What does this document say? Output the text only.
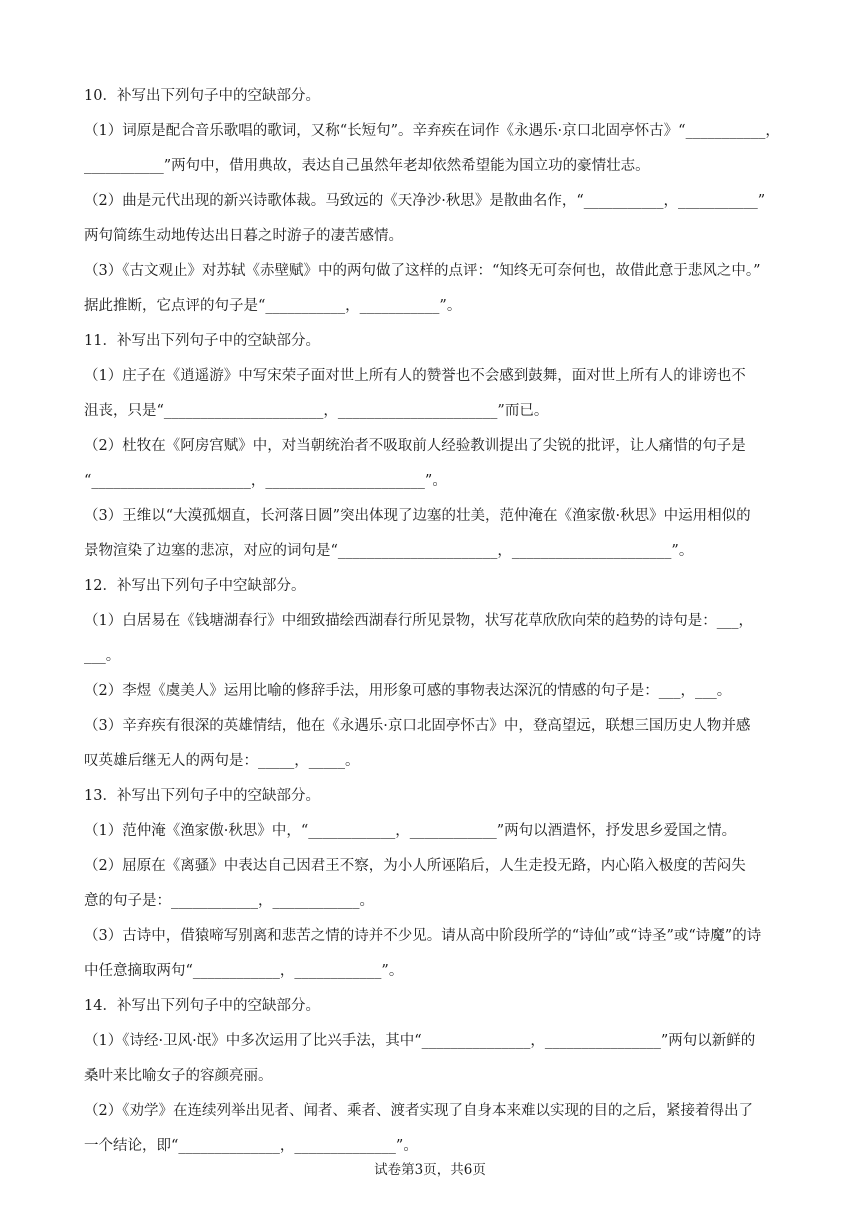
10．补写出下列句子中的空缺部分。
（1）词原是配合音乐歌唱的歌词，又称“长短句”。辛弃疾在词作《永遇乐·京口北固亭怀古》“___________，
___________”两句中，借用典故，表达自己虽然年老却依然希望能为国立功的豪情壮志。
（2）曲是元代出现的新兴诗歌体裁。马致远的《天净沙·秋思》是散曲名作，“___________，___________”
两句简练生动地传达出日暮之时游子的凄苦感情。
（3）《古文观止》对苏轼《赤壁赋》中的两句做了这样的点评：“知终无可奈何也，故借此意于悲风之中。”
据此推断，它点评的句子是“___________，___________”。
11．补写出下列句子中的空缺部分。
（1）庄子在《逍遥游》中写宋荣子面对世上所有人的赞誉也不会感到鼓舞，面对世上所有人的诽谤也不
沮丧，只是“______________________，______________________”而已。
（2）杜牧在《阿房宫赋》中，对当朝统治者不吸取前人经验教训提出了尖锐的批评，让人痛惜的句子是
“______________________，______________________”。
（3）王维以“大漠孤烟直，长河落日圆”突出体现了边塞的壮美，范仲淹在《渔家傲·秋思》中运用相似的
景物渲染了边塞的悲凉，对应的词句是“______________________，______________________”。
12．补写出下列句子中空缺部分。
（1）白居易在《钱塘湖春行》中细致描绘西湖春行所见景物，状写花草欣欣向荣的趋势的诗句是：___，
___。
（2）李煜《虞美人》运用比喻的修辞手法，用形象可感的事物表达深沉的情感的句子是：___，___。
（3）辛弃疾有很深的英雄情结，他在《永遇乐·京口北固亭怀古》中，登高望远，联想三国历史人物并感
叹英雄后继无人的两句是：_____，_____。
13．补写出下列句子中的空缺部分。
（1）范仲淹《渔家傲·秋思》中，“____________，____________”两句以酒遣怀，抒发思乡爱国之情。
（2）屈原在《离骚》中表达自己因君王不察，为小人所诬陷后，人生走投无路，内心陷入极度的苦闷失
意的句子是：____________，____________。
（3）古诗中，借猿啼写别离和悲苦之情的诗并不少见。请从高中阶段所学的“诗仙”或“诗圣”或“诗魔”的诗
中任意摘取两句“____________，____________”。
14．补写出下列句子中的空缺部分。
（1）《诗经·卫风·氓》中多次运用了比兴手法，其中“_______________，________________”两句以新鲜的
桑叶来比喻女子的容颜亮丽。
（2）《劝学》在连续列举出见者、闻者、乘者、渡者实现了自身本来难以实现的目的之后，紧接着得出了
一个结论，即“______________，______________”。
试卷第3页，共6页
